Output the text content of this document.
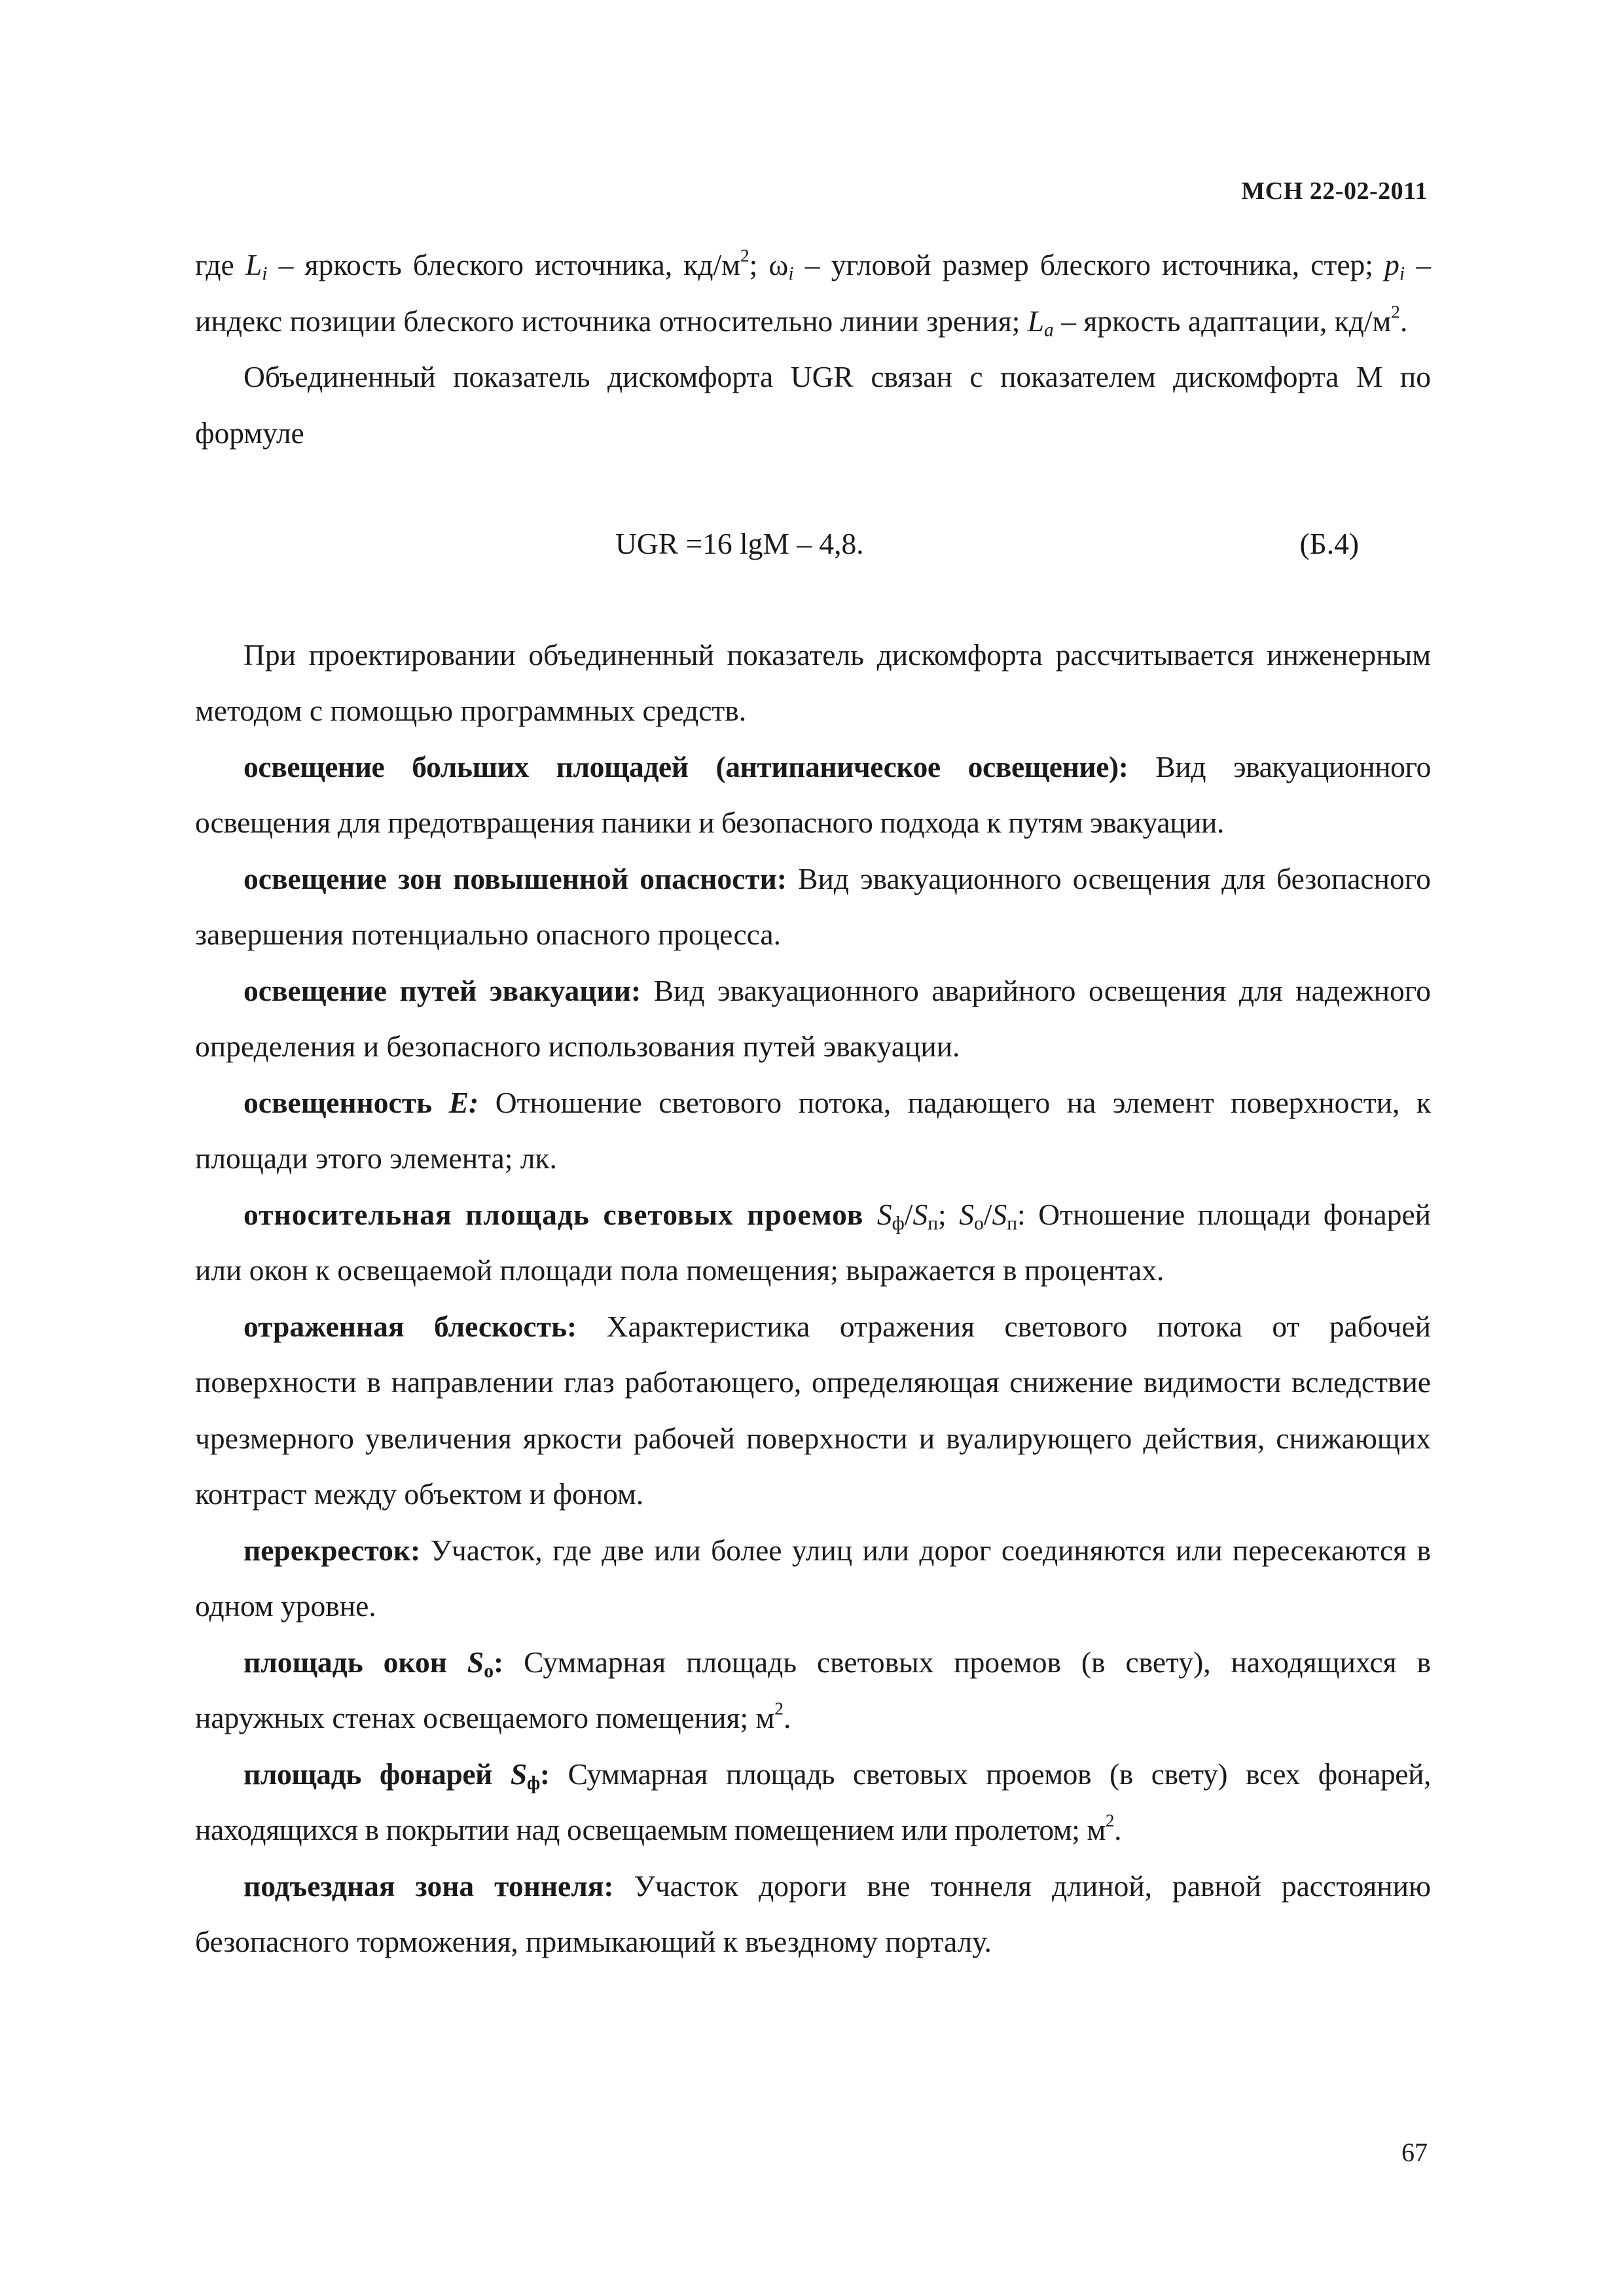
МСН 22-02-2011

где $L_i$ – яркость блеского источника, $кд/м^2$; $\omega_i$ – угловой размер блеского источника, стер; $p_i$ – индекс позиции блеского источника относительно линии зрения; $L_a$ – яркость адаптации, $кд/м^2$.

Объединенный показатель дискомфорта UGR связан с показателем дискомфорта M по формуле

UGR =16 lgM – 4,8.	(Б.4)

При проектировании объединенный показатель дискомфорта рассчитывается инженерным методом с помощью программных средств.

освещение больших площадей (антипаническое освещение): Вид эвакуационного освещения для предотвращения паники и безопасного подхода к путям эвакуации.

освещение зон повышенной опасности: Вид эвакуационного освещения для безопасного завершения потенциально опасного процесса.

освещение путей эвакуации: Вид эвакуационного аварийного освещения для надежного определения и безопасного использования путей эвакуации.

освещенность E: Отношение светового потока, падающего на элемент поверхности, к площади этого элемента; лк.

относительная площадь световых проемов $S_ф/S_п$; $S_о/S_п$: Отношение площади фонарей или окон к освещаемой площади пола помещения; выражается в процентах.

отраженная блескость: Характеристика отражения светового потока от рабочей поверхности в направлении глаз работающего, определяющая снижение видимости вследствие чрезмерного увеличения яркости рабочей поверхности и вуалирующего действия, снижающих контраст между объектом и фоном.

перекресток: Участок, где две или более улиц или дорог соединяются или пересекаются в одном уровне.

площадь окон $S_о$: Суммарная площадь световых проемов (в свету), находящихся в наружных стенах освещаемого помещения; $м^2$.

площадь фонарей $S_ф$: Суммарная площадь световых проемов (в свету) всех фонарей, находящихся в покрытии над освещаемым помещением или пролетом; $м^2$.

подъездная зона тоннеля: Участок дороги вне тоннеля длиной, равной расстоянию безопасного торможения, примыкающий к въездному порталу.

67
